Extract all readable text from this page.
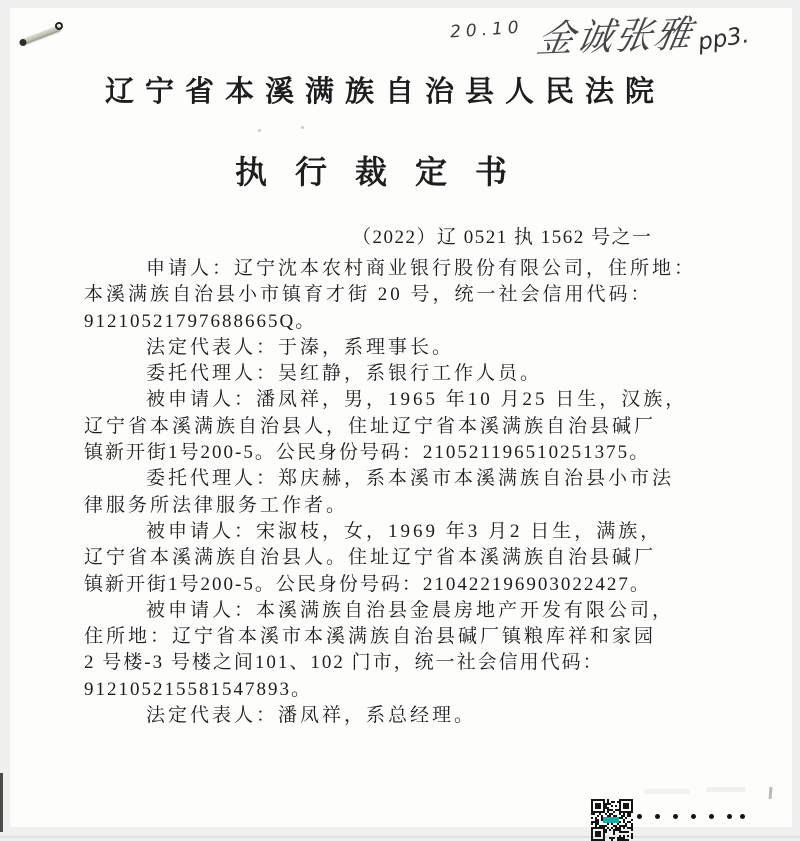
20.10 金诚张雅 pp3.
辽宁省本溪满族自治县人民法院
执行裁定书
（2022）辽 0521 执 1562 号之一
申请人：辽宁沈本农村商业银行股份有限公司，住所地：
本溪满族自治县小市镇育才街 20 号，统一社会信用代码：
91210521797688665Q。
法定代表人：于溱，系理事长。
委托代理人：吴红静，系银行工作人员。
被申请人：潘凤祥，男，1965 年10 月25 日生，汉族，
辽宁省本溪满族自治县人，住址辽宁省本溪满族自治县碱厂
镇新开街1号200-5。公民身份号码：210521196510251375。
委托代理人：郑庆赫，系本溪市本溪满族自治县小市法
律服务所法律服务工作者。
被申请人：宋淑枝，女，1969 年3 月2 日生，满族，
辽宁省本溪满族自治县人。住址辽宁省本溪满族自治县碱厂
镇新开街1号200-5。公民身份号码：210422196903022427。
被申请人：本溪满族自治县金晨房地产开发有限公司，
住所地：辽宁省本溪市本溪满族自治县碱厂镇粮库祥和家园
2 号楼-3 号楼之间101、102 门市，统一社会信用代码：
912105215581547893。
法定代表人：潘凤祥，系总经理。
